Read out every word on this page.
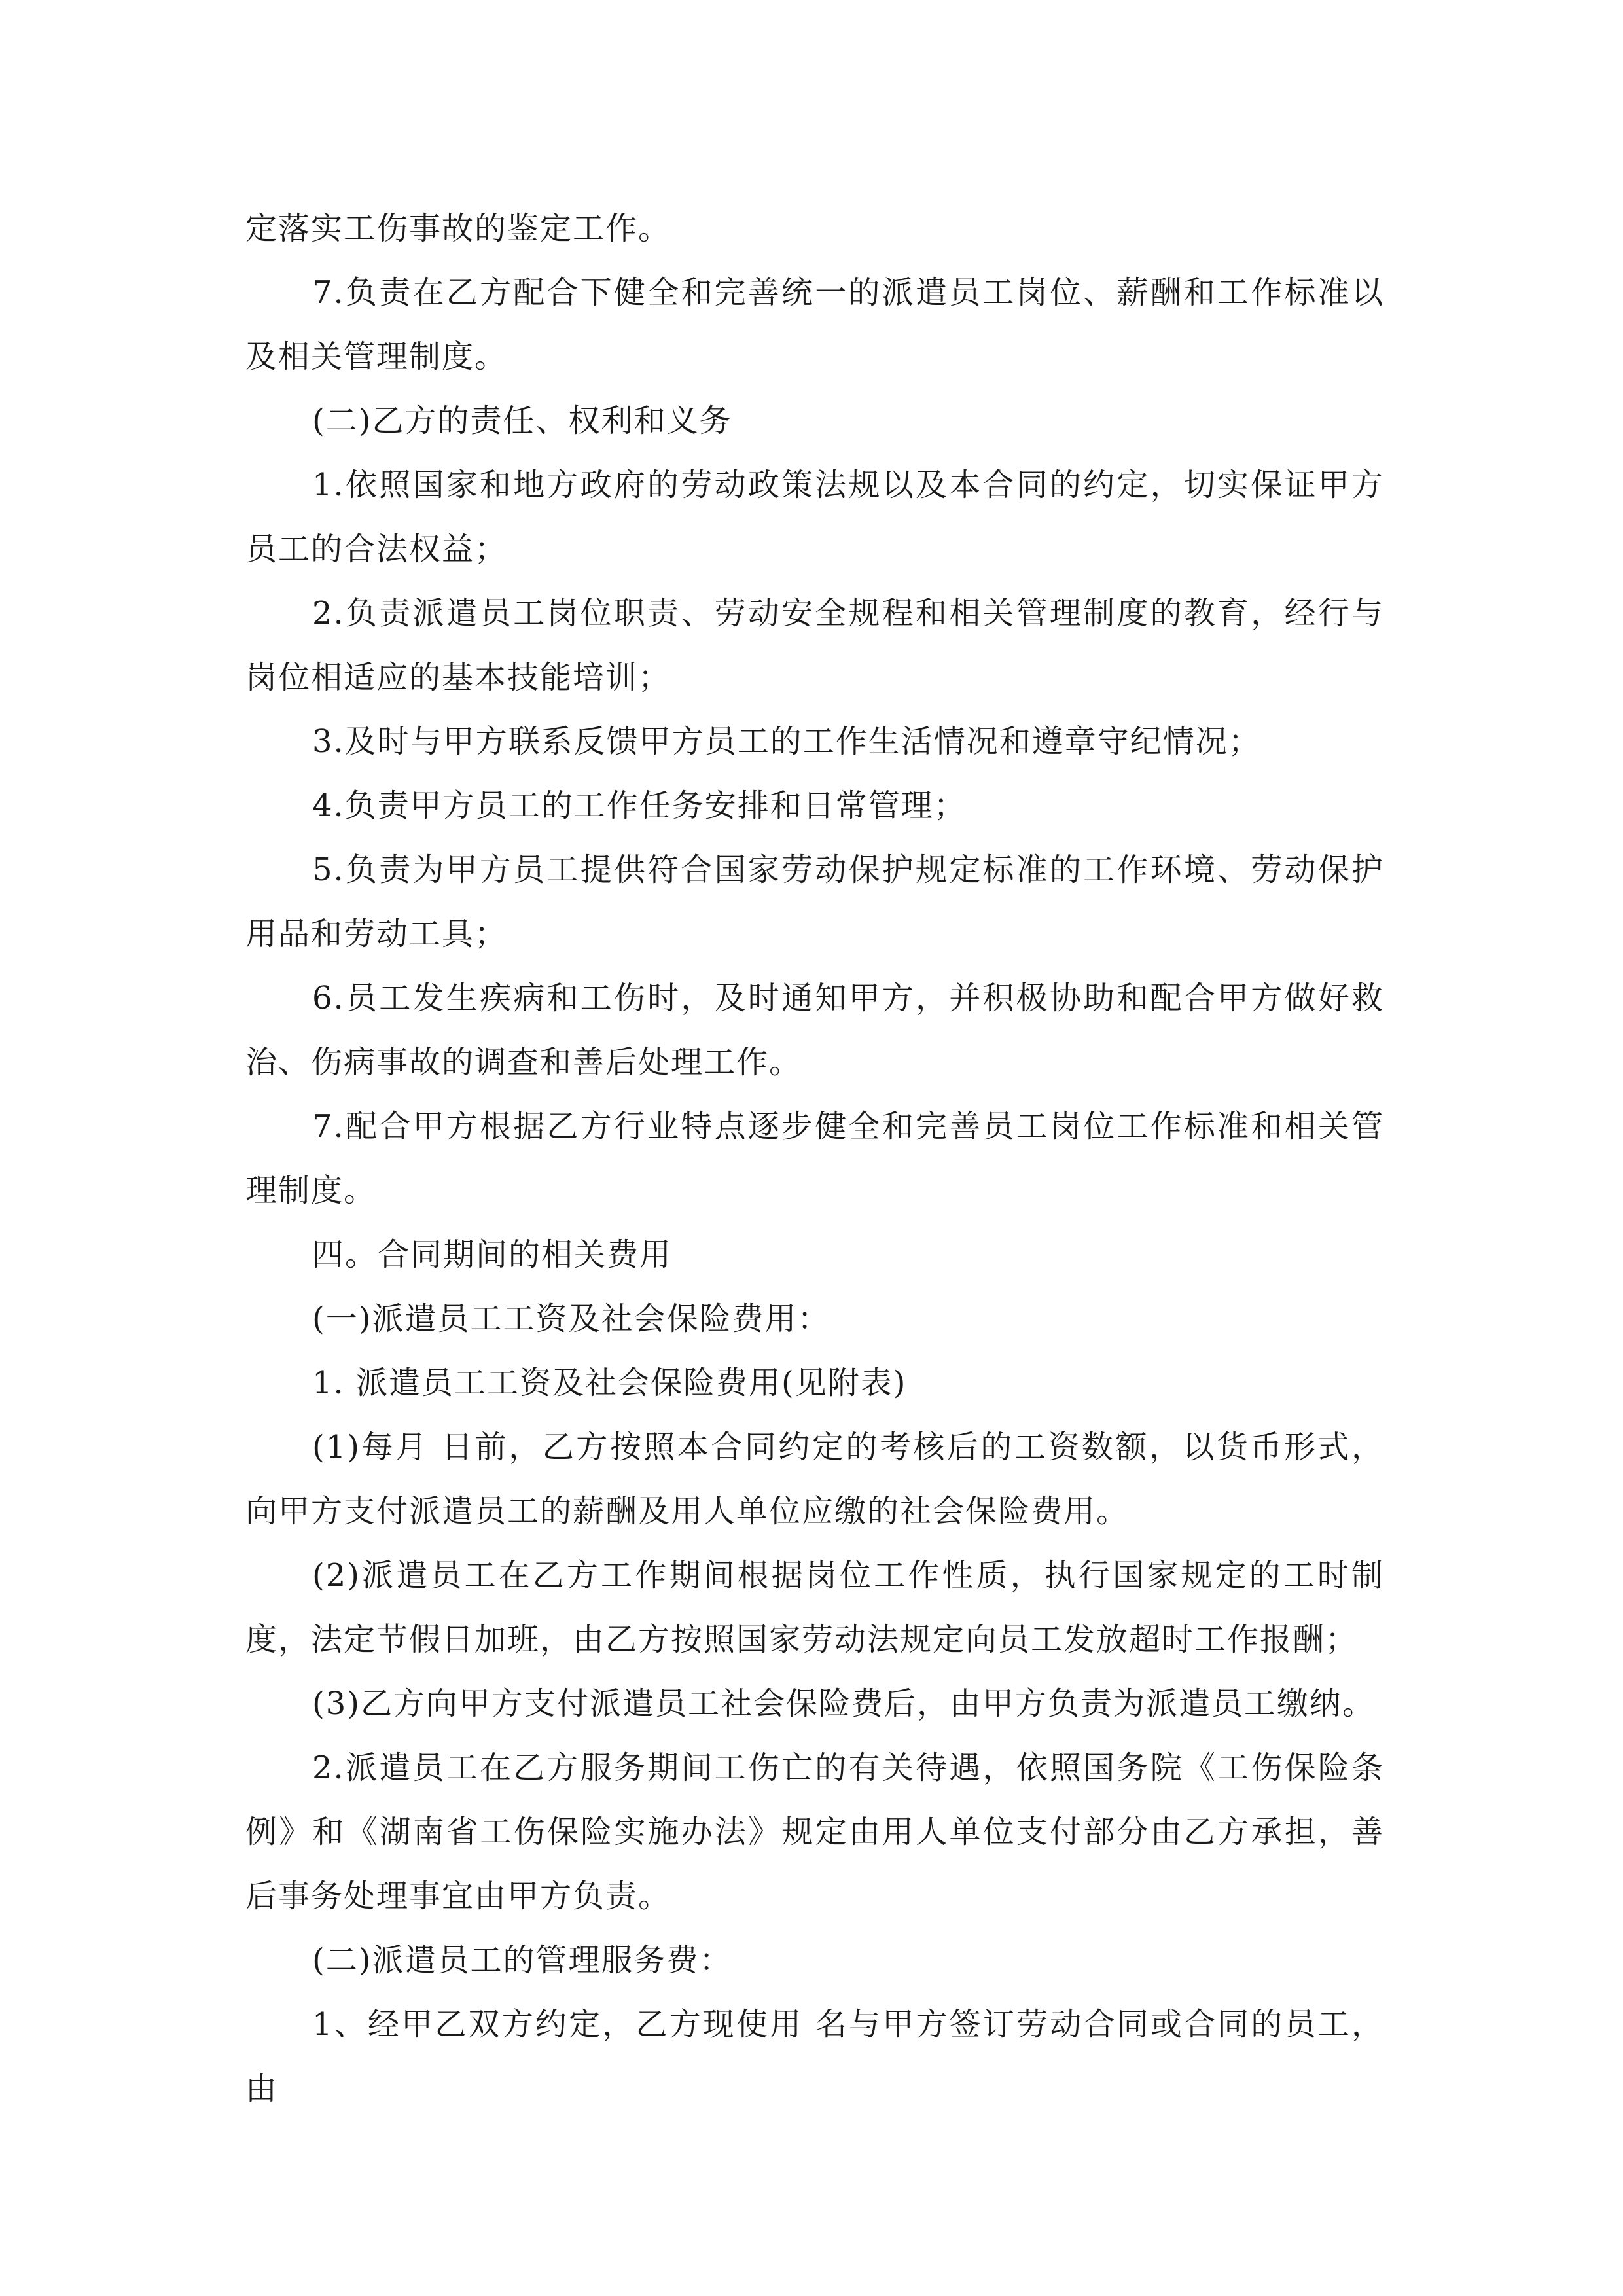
定落实工伤事故的鉴定工作。

7.负责在乙方配合下健全和完善统一的派遣员工岗位、薪酬和工作标准以及相关管理制度。

(二)乙方的责任、权利和义务

1.依照国家和地方政府的劳动政策法规以及本合同的约定，切实保证甲方员工的合法权益；

2.负责派遣员工岗位职责、劳动安全规程和相关管理制度的教育，经行与岗位相适应的基本技能培训；

3.及时与甲方联系反馈甲方员工的工作生活情况和遵章守纪情况；

4.负责甲方员工的工作任务安排和日常管理；

5.负责为甲方员工提供符合国家劳动保护规定标准的工作环境、劳动保护用品和劳动工具；

6.员工发生疾病和工伤时，及时通知甲方，并积极协助和配合甲方做好救治、伤病事故的调查和善后处理工作。

7.配合甲方根据乙方行业特点逐步健全和完善员工岗位工作标准和相关管理制度。

四。合同期间的相关费用

(一)派遣员工工资及社会保险费用：

1. 派遣员工工资及社会保险费用(见附表)

(1)每月 日前，乙方按照本合同约定的考核后的工资数额，以货币形式，向甲方支付派遣员工的薪酬及用人单位应缴的社会保险费用。

(2)派遣员工在乙方工作期间根据岗位工作性质，执行国家规定的工时制度，法定节假日加班，由乙方按照国家劳动法规定向员工发放超时工作报酬；

(3)乙方向甲方支付派遣员工社会保险费后，由甲方负责为派遣员工缴纳。

2.派遣员工在乙方服务期间工伤亡的有关待遇，依照国务院《工伤保险条例》和《湖南省工伤保险实施办法》规定由用人单位支付部分由乙方承担，善后事务处理事宜由甲方负责。

(二)派遣员工的管理服务费：

1、经甲乙双方约定，乙方现使用 名与甲方签订劳动合同或合同的员工，由
